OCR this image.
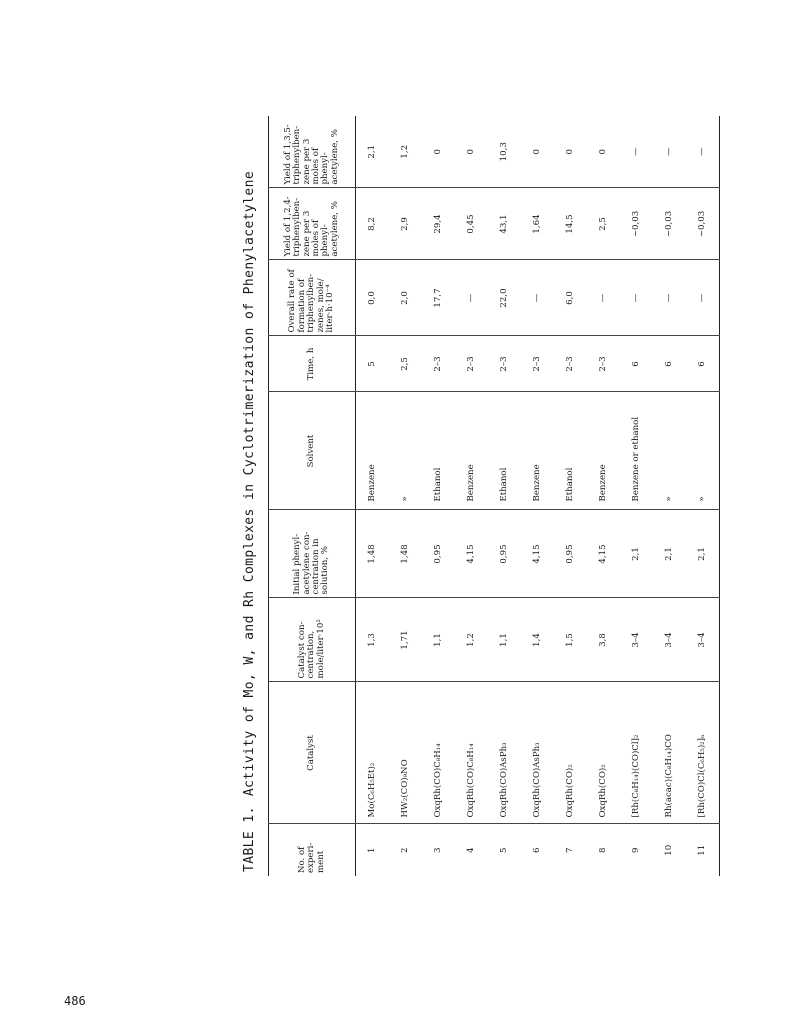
TABLE 1.Activity of Mo, W, and Rh Complexes in Cyclotrimerization of Phenylacetylene
No. of experi-ment	Catalyst	Catalyst con-centration, mole/liter·10²	Initial phenyl-acetylene con-centration in solution, %	Solvent	Time, h	Overall rate of formation of triphenylben-zenes, mole/ liter·h·10⁻⁴	Yield of 1,2,4-triphenylben-zene per 3 moles of phenyl-acetylene, %	Yield of 1,3,5-triphenylben-zene per 3 moles of phenyl-acetylene, %
1	Mo(C₆H₅Et)₂	1,3	1,48	Benzene	5	0,0	8,2	2,1
2	HW₂(CO)₉NO	1,71	1,48	»	2,5	2,0	2,9	1,2
3	OxqRh(CO)C₈H₁₄	1,1	0,95	Ethanol	2–3	17,7	29,4	0
4	OxqRh(CO)C₈H₁₄	1,2	4,15	Benzene	2–3	—	0,45	0
5	OxqRh(CO)AsPh₃	1,1	0,95	Ethanol	2–3	22,0	43,1	10,3
6	OxqRh(CO)AsPh₃	1,4	4,15	Benzene	2–3	—	1,64	0
7	OxqRh(CO)₂	1,5	0,95	Ethanol	2–3	6,0	14,5	0
8	OxqRh(CO)₂	3,8	4,15	Benzene	2–3	—	2,5	0
9	[Rh(C₈H₁₄)(CO)Cl]₂	3–4	2,1	Benzene or ethanol	6	—	~0,03	—
10	Rh(acac)(C₈H₁₄)CO	3–4	2,1	»	6	—	~0,03	—
11	[Rh(CO)Cl(C₆H₅)₂]ₙ	3–4	2,1	»	6	—	~0,03	—
486
